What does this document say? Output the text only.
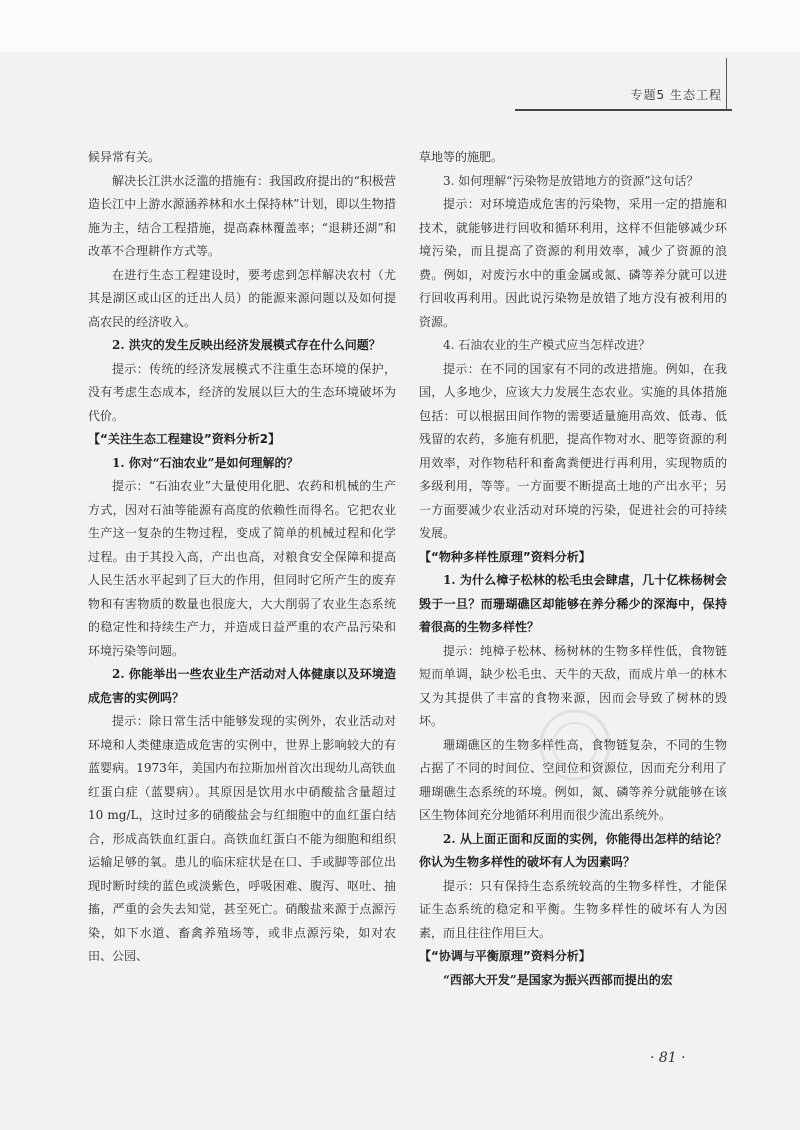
专题5 生态工程

候异常有关。

解决长江洪水泛滥的措施有：我国政府提出的“积极营造长江中上游水源涵养林和水土保持林”计划，即以生物措施为主，结合工程措施，提高森林覆盖率；“退耕还湖”和改革不合理耕作方式等。

在进行生态工程建设时，要考虑到怎样解决农村（尤其是湖区或山区的迁出人员）的能源来源问题以及如何提高农民的经济收入。

2. 洪灾的发生反映出经济发展模式存在什么问题？

提示：传统的经济发展模式不注重生态环境的保护，没有考虑生态成本，经济的发展以巨大的生态环境破坏为代价。

【“关注生态工程建设”资料分析2】

1. 你对“石油农业”是如何理解的？

提示：“石油农业”大量使用化肥、农药和机械的生产方式，因对石油等能源有高度的依赖性而得名。它把农业生产这一复杂的生物过程，变成了简单的机械过程和化学过程。由于其投入高，产出也高，对粮食安全保障和提高人民生活水平起到了巨大的作用，但同时它所产生的废弃物和有害物质的数量也很庞大，大大削弱了农业生态系统的稳定性和持续生产力，并造成日益严重的农产品污染和环境污染等问题。

2. 你能举出一些农业生产活动对人体健康以及环境造成危害的实例吗？

提示：除日常生活中能够发现的实例外，农业活动对环境和人类健康造成危害的实例中，世界上影响较大的有蓝婴病。1973年，美国内布拉斯加州首次出现幼儿高铁血红蛋白症（蓝婴病）。其原因是饮用水中硝酸盐含量超过10 mg/L，这时过多的硝酸盐会与红细胞中的血红蛋白结合，形成高铁血红蛋白。高铁血红蛋白不能为细胞和组织运输足够的氧。患儿的临床症状是在口、手或脚等部位出现时断时续的蓝色或淡紫色，呼吸困难、腹泻、呕吐、抽搐，严重的会失去知觉，甚至死亡。硝酸盐来源于点源污染，如下水道、畜禽养殖场等，或非点源污染，如对农田、公园、

草地等的施肥。

3. 如何理解“污染物是放错地方的资源”这句话？

提示：对环境造成危害的污染物，采用一定的措施和技术，就能够进行回收和循环利用，这样不但能够减少环境污染，而且提高了资源的利用效率，减少了资源的浪费。例如，对废污水中的重金属或氮、磷等养分就可以进行回收再利用。因此说污染物是放错了地方没有被利用的资源。

4. 石油农业的生产模式应当怎样改进？

提示：在不同的国家有不同的改进措施。例如，在我国，人多地少，应该大力发展生态农业。实施的具体措施包括：可以根据田间作物的需要适量施用高效、低毒、低残留的农药，多施有机肥，提高作物对水、肥等资源的利用效率，对作物秸秆和畜禽粪便进行再利用，实现物质的多级利用，等等。一方面要不断提高土地的产出水平；另一方面要减少农业活动对环境的污染，促进社会的可持续发展。

【“物种多样性原理”资料分析】

1. 为什么樟子松林的松毛虫会肆虐，几十亿株杨树会毁于一旦？而珊瑚礁区却能够在养分稀少的深海中，保持着很高的生物多样性？

提示：纯樟子松林、杨树林的生物多样性低，食物链短而单调，缺少松毛虫、天牛的天敌，而成片单一的林木又为其提供了丰富的食物来源，因而会导致了树林的毁坏。

珊瑚礁区的生物多样性高，食物链复杂，不同的生物占据了不同的时间位、空间位和资源位，因而充分利用了珊瑚礁生态系统的环境。例如，氮、磷等养分就能够在该区生物体间充分地循环利用而很少流出系统外。

2. 从上面正面和反面的实例，你能得出怎样的结论？你认为生物多样性的破坏有人为因素吗？

提示：只有保持生态系统较高的生物多样性，才能保证生态系统的稳定和平衡。生物多样性的破坏有人为因素，而且往往作用巨大。

【“协调与平衡原理”资料分析】

“西部大开发”是国家为振兴西部而提出的宏

· 81 ·
